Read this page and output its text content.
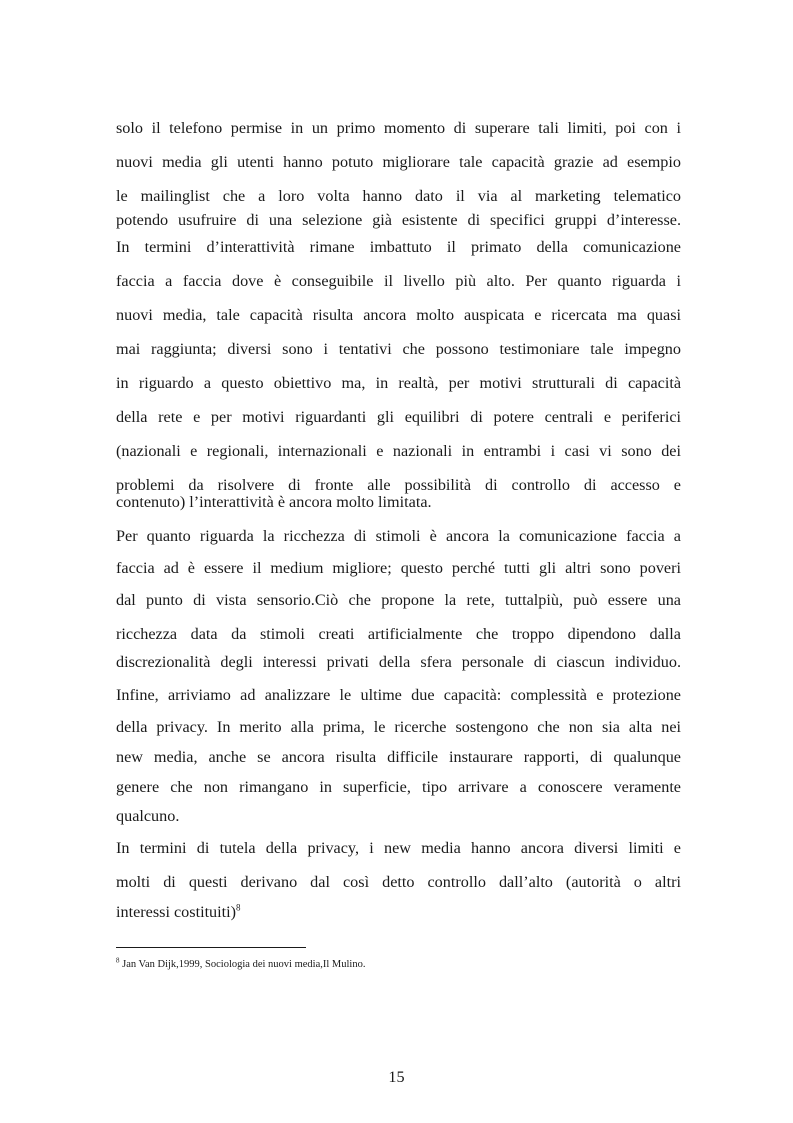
solo il telefono permise in un primo momento di superare tali limiti, poi con i
nuovi media gli utenti hanno potuto migliorare tale capacità grazie ad esempio
le mailinglist che a loro volta hanno dato il via al marketing telematico
potendo usufruire di una selezione già esistente di specifici gruppi d’interesse.
In termini d’interattività rimane imbattuto il primato della comunicazione
faccia a faccia dove è conseguibile il livello più alto. Per quanto riguarda i
nuovi media, tale capacità risulta ancora molto auspicata e ricercata ma quasi
mai raggiunta; diversi sono i tentativi che possono testimoniare tale impegno
in riguardo a questo obiettivo ma, in realtà, per motivi strutturali di capacità
della rete e per motivi riguardanti gli equilibri di potere centrali e periferici
(nazionali e regionali, internazionali e nazionali in entrambi i casi vi sono dei
problemi da risolvere di fronte alle possibilità di controllo di accesso e
contenuto) l’interattività è ancora molto limitata.
Per quanto riguarda la ricchezza di stimoli è ancora la comunicazione faccia a
faccia ad è essere il medium migliore; questo perché tutti gli altri sono poveri
dal punto di vista sensorio.Ciò che propone la rete, tuttalpiù, può essere una
ricchezza data da stimoli creati artificialmente che troppo dipendono dalla
discrezionalità degli interessi privati della sfera personale di ciascun individuo.
Infine, arriviamo ad analizzare le ultime due capacità: complessità e protezione
della privacy. In merito alla prima, le ricerche sostengono che non sia alta nei
new media, anche se ancora risulta difficile instaurare rapporti, di qualunque
genere che non rimangano in superficie, tipo arrivare a conoscere veramente
qualcuno.
In termini di tutela della privacy, i new media hanno ancora diversi limiti e
molti di questi derivano dal così detto controllo dall’alto (autorità o altri
interessi costituiti)$^8$
$^8$ Jan Van Dijk,1999, Sociologia dei nuovi media,Il Mulino.
15
